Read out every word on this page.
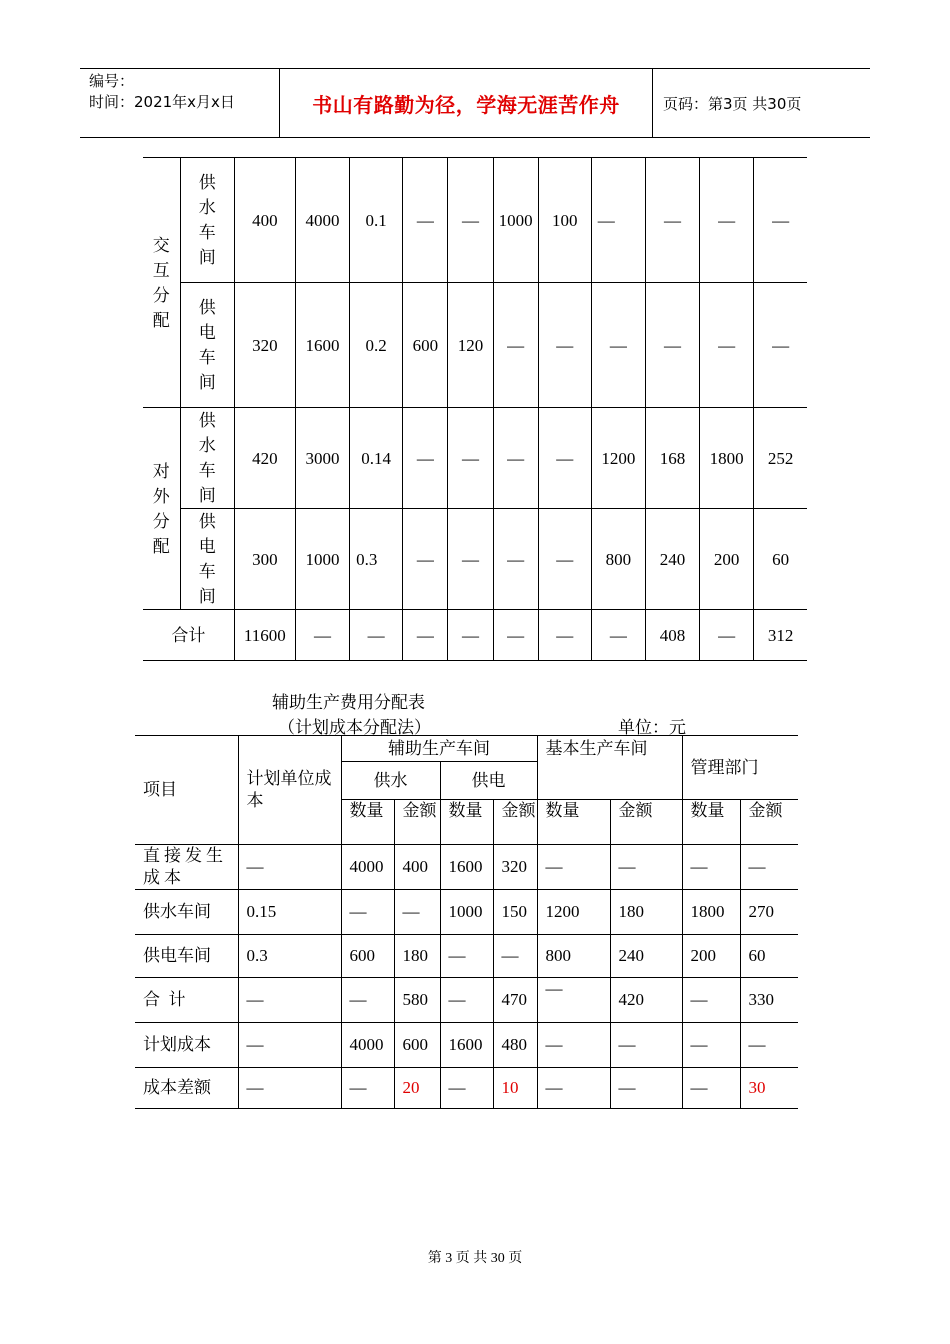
编号：
时间：2021年x月x日	书山有路勤为径，学海无涯苦作舟	页码：第3页 共30页
交互分配	供水车间	400	4000	0.1	—	—	1000	100	—	—	—	—

	供电车间	320	1600	0.2	600	120	—	—	—	—	—	—

对外分配	供水车间	420	3000	0.14	—	—	—	—	1200	168	1800	252

	供电车间	300	1000	0.3	—	—	—	—	800	240	200	60
合计		11600	—	—	—	—	—	—	—	408	—	312
辅助生产费用分配表
（计划成本分配法）	单位：元
项目	计划单位成本	辅助生产车间				基本生产车间		管理部门	
		供水		供电					
		数量	金额	数量	金额	数量	金额	数量	金额
直接发生成本	—	4000	400	1600	320	—	—	—	—
供水车间	0.15	—	—	1000	150	1200	180	1800	270
供电车间	0.3	600	180	—	—	800	240	200	60
合  计	—	—	580	—	470	—	420	—	330
计划成本	—	4000	600	1600	480	—	—	—	—
成本差额	—	—	20	—	10	—	—	—	30
第 3 页 共 30 页
